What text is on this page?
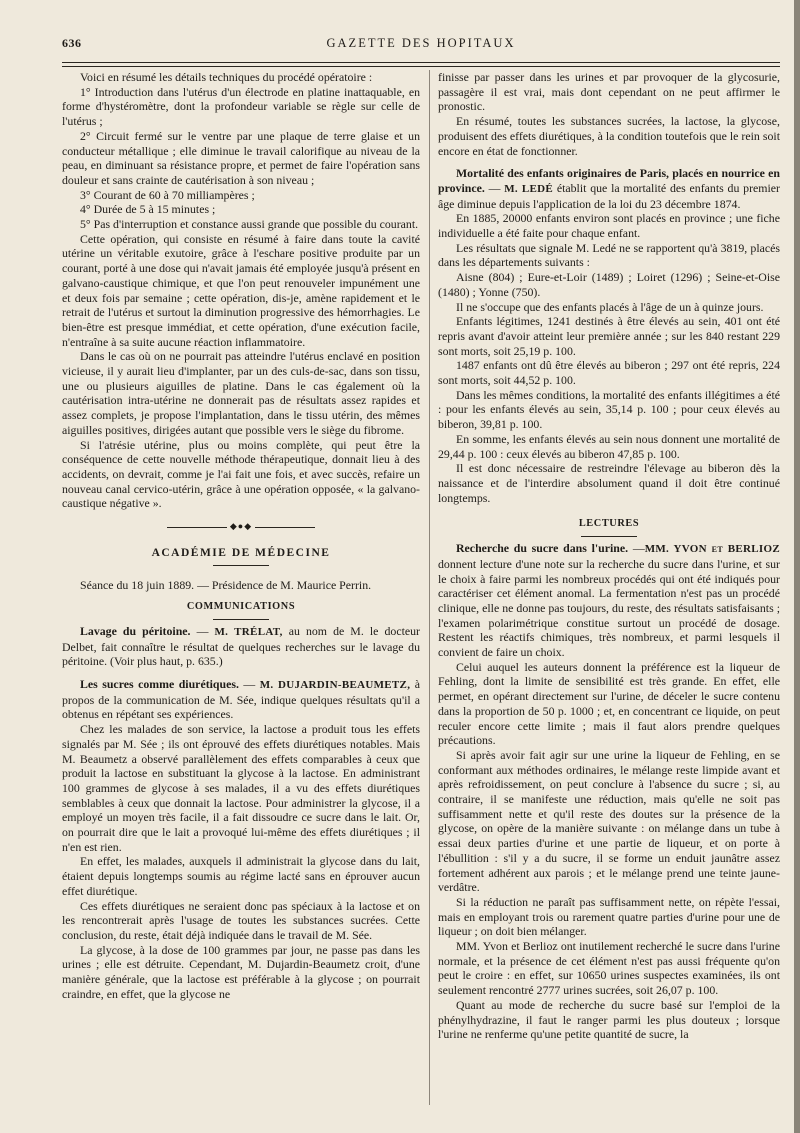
636	GAZETTE DES HOPITAUX

Voici en résumé les détails techniques du procédé opératoire :

1° Introduction dans l'utérus d'un électrode en platine inattaquable, en forme d'hystéromètre, dont la profondeur variable se règle sur celle de l'utérus ;

2° Circuit fermé sur le ventre par une plaque de terre glaise et un conducteur métallique ; elle diminue le travail calorifique au niveau de la peau, en diminuant sa résistance propre, et permet de faire l'opération sans douleur et sans crainte de cautérisation à son niveau ;

3° Courant de 60 à 70 milliampères ;

4° Durée de 5 à 15 minutes ;

5° Pas d'interruption et constance aussi grande que possible du courant.

Cette opération, qui consiste en résumé à faire dans toute la cavité utérine un véritable exutoire, grâce à l'eschare positive produite par un courant, porté à une dose qui n'avait jamais été employée jusqu'à présent en galvano-caustique chimique, et que l'on peut renouveler impunément une et deux fois par semaine ; cette opération, dis-je, amène rapidement et le retrait de l'utérus et surtout la diminution progressive des hémorrhagies. Le bien-être est presque immédiat, et cette opération, d'une exécution facile, n'entraîne à sa suite aucune réaction inflammatoire.

Dans le cas où on ne pourrait pas atteindre l'utérus enclavé en position vicieuse, il y aurait lieu d'implanter, par un des culs-de-sac, dans son tissu, une ou plusieurs aiguilles de platine. Dans le cas également où la cautérisation intra-utérine ne donnerait pas de résultats assez rapides et assez complets, je propose l'implantation, dans le tissu utérin, des mêmes aiguilles positives, dirigées autant que possible vers le siège du fibrome.

Si l'atrésie utérine, plus ou moins complète, qui peut être la conséquence de cette nouvelle méthode thérapeutique, donnait lieu à des accidents, on devrait, comme je l'ai fait une fois, et avec succès, refaire un nouveau canal cervico-utérin, grâce à une opération opposée, « la galvano-caustique négative ».

◆●◆

ACADÉMIE DE MÉDECINE

Séance du 18 juin 1889. — Présidence de M. Maurice Perrin.

COMMUNICATIONS

Lavage du péritoine. — M. TRÉLAT, au nom de M. le docteur Delbet, fait connaître le résultat de quelques recherches sur le lavage du péritoine. (Voir plus haut, p. 635.)

Les sucres comme diurétiques. — M. DUJARDIN-BEAUMETZ, à propos de la communication de M. Sée, indique quelques résultats qu'il a obtenus en répétant ses expériences.

Chez les malades de son service, la lactose a produit tous les effets signalés par M. Sée ; ils ont éprouvé des effets diurétiques notables. Mais M. Beaumetz a observé parallèlement des effets comparables à ceux que produit la lactose en substituant la glycose à la lactose. En administrant 100 grammes de glycose à ses malades, il a vu des effets diurétiques semblables à ceux que donnait la lactose. Pour administrer la glycose, il a employé un moyen très facile, il a fait dissoudre ce sucre dans le lait. Or, on pourrait dire que le lait a provoqué lui-même des effets diurétiques ; il n'en est rien.

En effet, les malades, auxquels il administrait la glycose dans du lait, étaient depuis longtemps soumis au régime lacté sans en éprouver aucun effet diurétique.

Ces effets diurétiques ne seraient donc pas spéciaux à la lactose et on les rencontrerait après l'usage de toutes les substances sucrées. Cette conclusion, du reste, était déjà indiquée dans le travail de M. Sée.

La glycose, à la dose de 100 grammes par jour, ne passe pas dans les urines ; elle est détruite. Cependant, M. Dujardin-Beaumetz croit, d'une manière générale, que la lactose est préférable à la glycose ; on pourrait craindre, en effet, que la glycose ne

finisse par passer dans les urines et par provoquer de la glycosurie, passagère il est vrai, mais dont cependant on ne peut affirmer le pronostic.

En résumé, toutes les substances sucrées, la lactose, la glycose, produisent des effets diurétiques, à la condition toutefois que le rein soit encore en état de fonctionner.

Mortalité des enfants originaires de Paris, placés en nourrice en province. — M. LEDÉ établit que la mortalité des enfants du premier âge diminue depuis l'application de la loi du 23 décembre 1874.

En 1885, 20000 enfants environ sont placés en province ; une fiche individuelle a été faite pour chaque enfant.

Les résultats que signale M. Ledé ne se rapportent qu'à 3819, placés dans les départements suivants :

Aisne (804) ; Eure-et-Loir (1489) ; Loiret (1296) ; Seine-et-Oise (1480) ; Yonne (750).

Il ne s'occupe que des enfants placés à l'âge de un à quinze jours.

Enfants légitimes, 1241 destinés à être élevés au sein, 401 ont été repris avant d'avoir atteint leur première année ; sur les 840 restant 229 sont morts, soit 25,19 p. 100.

1487 enfants ont dû être élevés au biberon ; 297 ont été repris, 224 sont morts, soit 44,52 p. 100.

Dans les mêmes conditions, la mortalité des enfants illégitimes a été : pour les enfants élevés au sein, 35,14 p. 100 ; pour ceux élevés au biberon, 39,81 p. 100.

En somme, les enfants élevés au sein nous donnent une mortalité de 29,44 p. 100 : ceux élevés au biberon 47,85 p. 100.

Il est donc nécessaire de restreindre l'élevage au biberon dès la naissance et de l'interdire absolument quand il doit être continué longtemps.

LECTURES

Recherche du sucre dans l'urine. —MM. YVON et BERLIOZ donnent lecture d'une note sur la recherche du sucre dans l'urine, et sur le choix à faire parmi les nombreux procédés qui ont été indiqués pour caractériser cet élément anomal. La fermentation n'est pas un procédé clinique, elle ne donne pas toujours, du reste, des résultats satisfaisants ; l'examen polarimétrique constitue surtout un procédé de dosage. Restent les réactifs chimiques, très nombreux, et parmi lesquels il convient de faire un choix.

Celui auquel les auteurs donnent la préférence est la liqueur de Fehling, dont la limite de sensibilité est très grande. En effet, elle permet, en opérant directement sur l'urine, de déceler le sucre contenu dans la proportion de 50 p. 1000 ; et, en concentrant ce liquide, on peut reculer encore cette limite ; mais il faut alors prendre quelques précautions.

Si après avoir fait agir sur une urine la liqueur de Fehling, en se conformant aux méthodes ordinaires, le mélange reste limpide avant et après refroidissement, on peut conclure à l'absence du sucre ; si, au contraire, il se manifeste une réduction, mais qu'elle ne soit pas suffisamment nette et qu'il reste des doutes sur la présence de la glycose, on opère de la manière suivante : on mélange dans un tube à essai deux parties d'urine et une partie de liqueur, et on porte à l'ébullition : s'il y a du sucre, il se forme un enduit jaunâtre assez fortement adhérent aux parois ; et le mélange prend une teinte jaune-verdâtre.

Si la réduction ne paraît pas suffisamment nette, on répète l'essai, mais en employant trois ou rarement quatre parties d'urine pour une de liqueur ; on doit bien mélanger.

MM. Yvon et Berlioz ont inutilement recherché le sucre dans l'urine normale, et la présence de cet élément n'est pas aussi fréquente qu'on peut le croire : en effet, sur 10650 urines suspectes examinées, ils ont seulement rencontré 2777 urines sucrées, soit 26,07 p. 100.

Quant au mode de recherche du sucre basé sur l'emploi de la phénylhydrazine, il faut le ranger parmi les plus douteux ; lorsque l'urine ne renferme qu'une petite quantité de sucre, la
